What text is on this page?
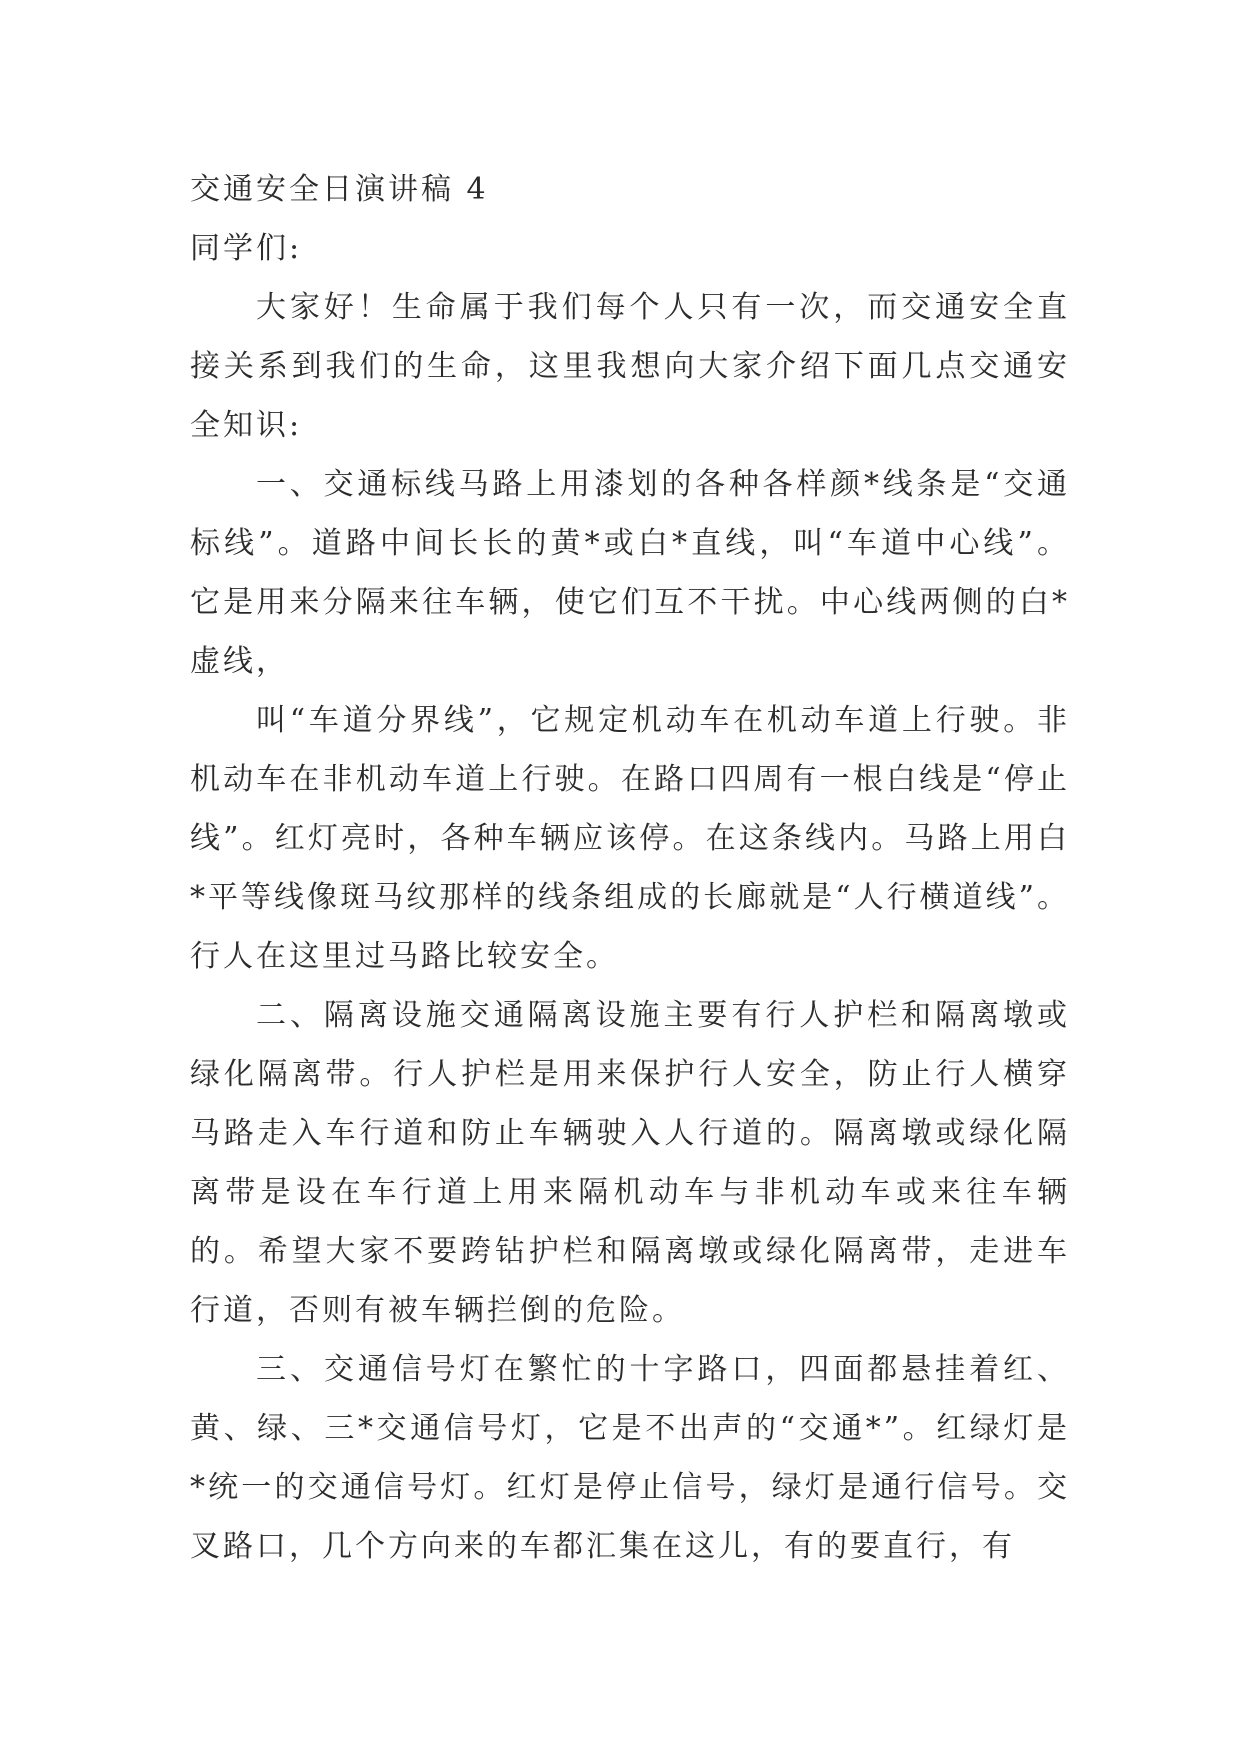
交通安全日演讲稿 4
同学们:

大家好！生命属于我们每个人只有一次，而交通安全直接关系到我们的生命，这里我想向大家介绍下面几点交通安全知识:

一、交通标线马路上用漆划的各种各样颜*线条是“交通标线”。道路中间长长的黄*或白*直线，叫“车道中心线”。它是用来分隔来往车辆，使它们互不干扰。中心线两侧的白*虚线，

叫“车道分界线”，它规定机动车在机动车道上行驶。非机动车在非机动车道上行驶。在路口四周有一根白线是“停止线”。红灯亮时，各种车辆应该停。在这条线内。马路上用白*平等线像斑马纹那样的线条组成的长廊就是“人行横道线”。行人在这里过马路比较安全。

二、隔离设施交通隔离设施主要有行人护栏和隔离墩或绿化隔离带。行人护栏是用来保护行人安全，防止行人横穿马路走入车行道和防止车辆驶入人行道的。隔离墩或绿化隔离带是设在车行道上用来隔机动车与非机动车或来往车辆的。希望大家不要跨钻护栏和隔离墩或绿化隔离带，走进车行道，否则有被车辆拦倒的危险。

三、交通信号灯在繁忙的十字路口，四面都悬挂着红、黄、绿、三*交通信号灯，它是不出声的“交通*”。红绿灯是*统一的交通信号灯。红灯是停止信号，绿灯是通行信号。交叉路口，几个方向来的车都汇集在这儿，有的要直行，有
